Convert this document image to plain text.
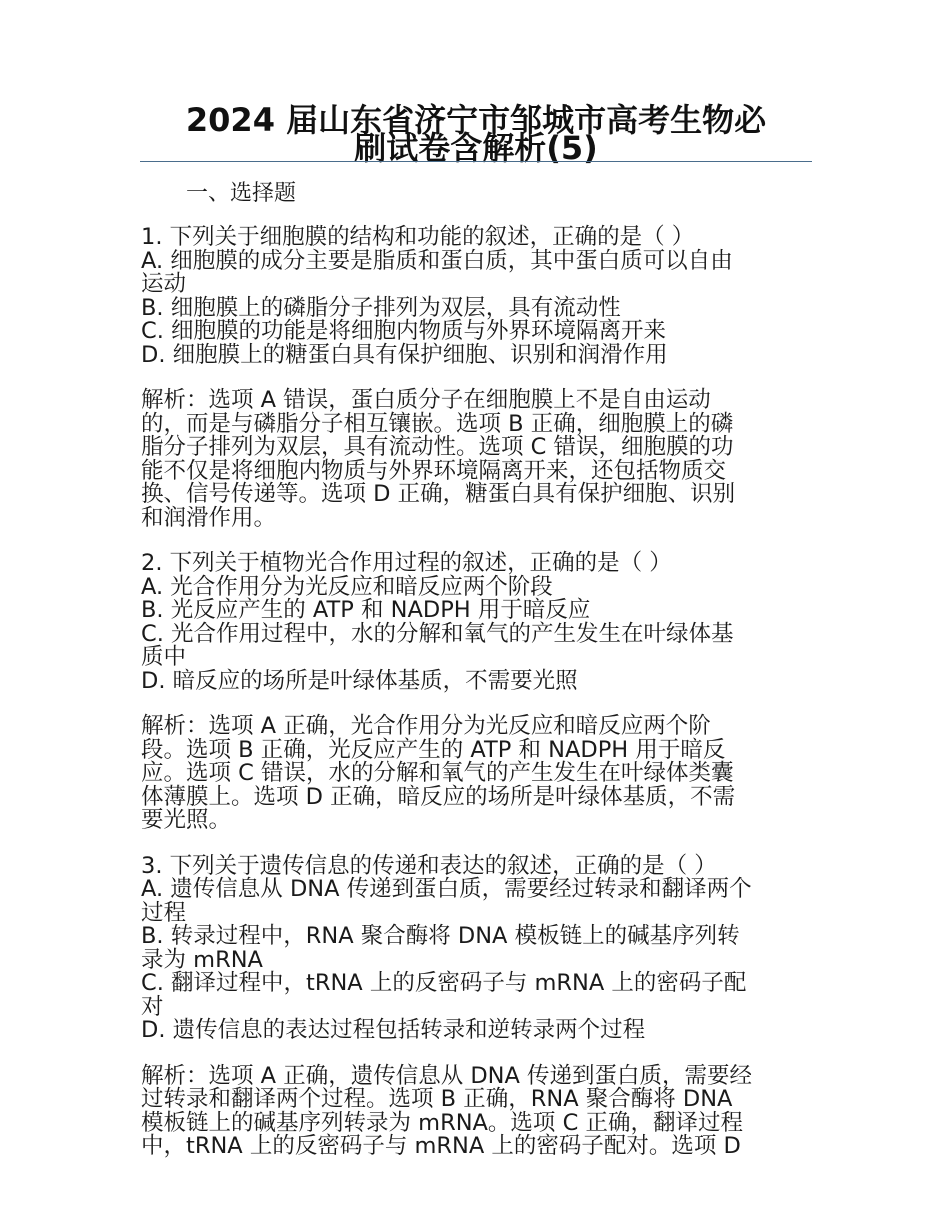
2024 届山东省济宁市邹城市高考生物必
刷试卷含解析(5)
一、选择题
1. 下列关于细胞膜的结构和功能的叙述，正确的是（ ）
A. 细胞膜的成分主要是脂质和蛋白质，其中蛋白质可以自由
运动
B. 细胞膜上的磷脂分子排列为双层，具有流动性
C. 细胞膜的功能是将细胞内物质与外界环境隔离开来
D. 细胞膜上的糖蛋白具有保护细胞、识别和润滑作用
解析：选项 A 错误，蛋白质分子在细胞膜上不是自由运动
的，而是与磷脂分子相互镶嵌。选项 B 正确，细胞膜上的磷
脂分子排列为双层，具有流动性。选项 C 错误，细胞膜的功
能不仅是将细胞内物质与外界环境隔离开来，还包括物质交
换、信号传递等。选项 D 正确，糖蛋白具有保护细胞、识别
和润滑作用。
2. 下列关于植物光合作用过程的叙述，正确的是（ ）
A. 光合作用分为光反应和暗反应两个阶段
B. 光反应产生的 ATP 和 NADPH 用于暗反应
C. 光合作用过程中，水的分解和氧气的产生发生在叶绿体基
质中
D. 暗反应的场所是叶绿体基质，不需要光照
解析：选项 A 正确，光合作用分为光反应和暗反应两个阶
段。选项 B 正确，光反应产生的 ATP 和 NADPH 用于暗反
应。选项 C 错误，水的分解和氧气的产生发生在叶绿体类囊
体薄膜上。选项 D 正确，暗反应的场所是叶绿体基质，不需
要光照。
3. 下列关于遗传信息的传递和表达的叙述，正确的是（ ）
A. 遗传信息从 DNA 传递到蛋白质，需要经过转录和翻译两个
过程
B. 转录过程中，RNA 聚合酶将 DNA 模板链上的碱基序列转
录为 mRNA
C. 翻译过程中，tRNA 上的反密码子与 mRNA 上的密码子配
对
D. 遗传信息的表达过程包括转录和逆转录两个过程
解析：选项 A 正确，遗传信息从 DNA 传递到蛋白质，需要经
过转录和翻译两个过程。选项 B 正确，RNA 聚合酶将 DNA
模板链上的碱基序列转录为 mRNA。选项 C 正确，翻译过程
中，tRNA 上的反密码子与 mRNA 上的密码子配对。选项 D
